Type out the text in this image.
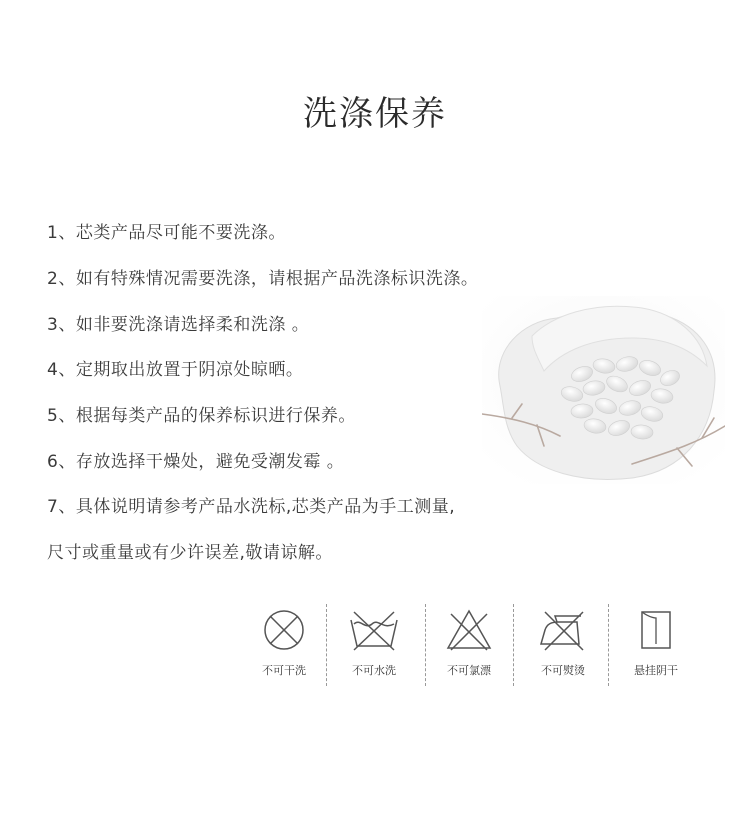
洗涤保养
1、芯类产品尽可能不要洗涤。
2、如有特殊情况需要洗涤，请根据产品洗涤标识洗涤。
3、如非要洗涤请选择柔和洗涤 。
4、定期取出放置于阴凉处晾晒。
5、根据每类产品的保养标识进行保养。
6、存放选择干燥处，避免受潮发霉 。
7、具体说明请参考产品水洗标,芯类产品为手工测量,
尺寸或重量或有少许误差,敬请谅解。
不可干洗	不可水洗	不可氯漂	不可熨烫	悬挂阴干
